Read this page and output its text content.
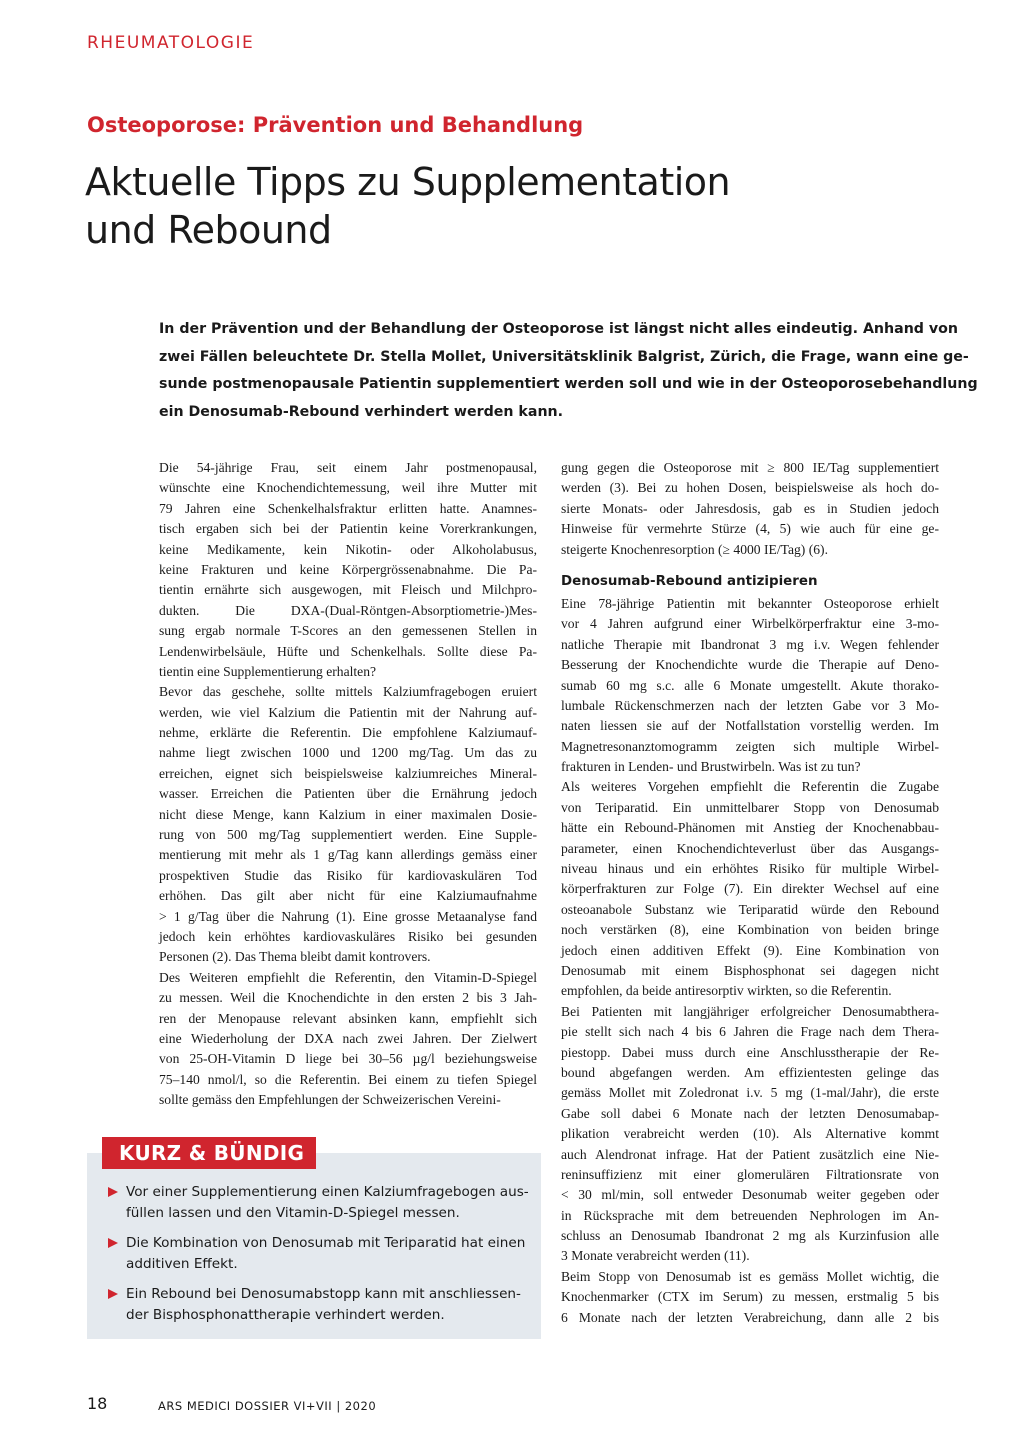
RHEUMATOLOGIE
Osteoporose: Prävention und Behandlung
Aktuelle Tipps zu Supplementation
und Rebound
In der Prävention und der Behandlung der Osteoporose ist längst nicht alles eindeutig. Anhand von
zwei Fällen beleuchtete Dr. Stella Mollet, Universitätsklinik Balgrist, Zürich, die Frage, wann eine ge-
sunde postmenopausale Patientin supplementiert werden soll und wie in der Osteoporosebehandlung
ein Denosumab-Rebound verhindert werden kann.
Die 54-jährige Frau, seit einem Jahr postmenopausal,
wünschte eine Knochendichtemessung, weil ihre Mutter mit
79 Jahren eine Schenkelhalsfraktur erlitten hatte. Anamnes-
tisch ergaben sich bei der Patientin keine Vorerkrankungen,
keine Medikamente, kein Nikotin- oder Alkoholabusus,
keine Frakturen und keine Körpergrössenabnahme. Die Pa-
tientin ernährte sich ausgewogen, mit Fleisch und Milchpro-
dukten. Die DXA-(Dual-Röntgen-Absorptiometrie-)Mes-
sung ergab normale T-Scores an den gemessenen Stellen in
Lendenwirbelsäule, Hüfte und Schenkelhals. Sollte diese Pa-
tientin eine Supplementierung erhalten?
Bevor das geschehe, sollte mittels Kalziumfragebogen eruiert
werden, wie viel Kalzium die Patientin mit der Nahrung auf-
nehme, erklärte die Referentin. Die empfohlene Kalziumauf-
nahme liegt zwischen 1000 und 1200 mg/Tag. Um das zu
erreichen, eignet sich beispielsweise kalziumreiches Mineral-
wasser. Erreichen die Patienten über die Ernährung jedoch
nicht diese Menge, kann Kalzium in einer maximalen Dosie-
rung von 500 mg/Tag supplementiert werden. Eine Supple-
mentierung mit mehr als 1 g/Tag kann allerdings gemäss einer
prospektiven Studie das Risiko für kardiovaskulären Tod
erhöhen. Das gilt aber nicht für eine Kalziumaufnahme
> 1 g/Tag über die Nahrung (1). Eine grosse Metaanalyse fand
jedoch kein erhöhtes kardiovaskuläres Risiko bei gesunden
Personen (2). Das Thema bleibt damit kontrovers.
Des Weiteren empfiehlt die Referentin, den Vitamin-D-Spiegel
zu messen. Weil die Knochendichte in den ersten 2 bis 3 Jah-
ren der Menopause relevant absinken kann, empfiehlt sich
eine Wiederholung der DXA nach zwei Jahren. Der Zielwert
von 25-OH-Vitamin D liege bei 30–56 µg/l beziehungsweise
75–140 nmol/l, so die Referentin. Bei einem zu tiefen Spiegel
sollte gemäss den Empfehlungen der Schweizerischen Vereini-
gung gegen die Osteoporose mit ≥ 800 IE/Tag supplementiert
werden (3). Bei zu hohen Dosen, beispielsweise als hoch do-
sierte Monats- oder Jahresdosis, gab es in Studien jedoch
Hinweise für vermehrte Stürze (4, 5) wie auch für eine ge-
steigerte Knochenresorption (≥ 4000 IE/Tag) (6).
Denosumab-Rebound antizipieren
Eine 78-jährige Patientin mit bekannter Osteoporose erhielt
vor 4 Jahren aufgrund einer Wirbelkörperfraktur eine 3-mo-
natliche Therapie mit Ibandronat 3 mg i.v. Wegen fehlender
Besserung der Knochendichte wurde die Therapie auf Deno-
sumab 60 mg s.c. alle 6 Monate umgestellt. Akute thorako-
lumbale Rückenschmerzen nach der letzten Gabe vor 3 Mo-
naten liessen sie auf der Notfallstation vorstellig werden. Im
Magnetresonanztomogramm zeigten sich multiple Wirbel-
frakturen in Lenden- und Brustwirbeln. Was ist zu tun?
Als weiteres Vorgehen empfiehlt die Referentin die Zugabe
von Teriparatid. Ein unmittelbarer Stopp von Denosumab
hätte ein Rebound-Phänomen mit Anstieg der Knochenabbau-
parameter, einen Knochendichteverlust über das Ausgangs-
niveau hinaus und ein erhöhtes Risiko für multiple Wirbel-
körperfrakturen zur Folge (7). Ein direkter Wechsel auf eine
osteoanabole Substanz wie Teriparatid würde den Rebound
noch verstärken (8), eine Kombination von beiden bringe
jedoch einen additiven Effekt (9). Eine Kombination von
Denosumab mit einem Bisphosphonat sei dagegen nicht
empfohlen, da beide antiresorptiv wirkten, so die Referentin.
Bei Patienten mit langjähriger erfolgreicher Denosumabthera-
pie stellt sich nach 4 bis 6 Jahren die Frage nach dem Thera-
piestopp. Dabei muss durch eine Anschlusstherapie der Re-
bound abgefangen werden. Am effizientesten gelinge das
gemäss Mollet mit Zoledronat i.v. 5 mg (1-mal/Jahr), die erste
Gabe soll dabei 6 Monate nach der letzten Denosumabap-
plikation verabreicht werden (10). Als Alternative kommt
auch Alendronat infrage. Hat der Patient zusätzlich eine Nie-
reninsuffizienz mit einer glomerulären Filtrationsrate von
< 30 ml/min, soll entweder Desonumab weiter gegeben oder
in Rücksprache mit dem betreuenden Nephrologen im An-
schluss an Denosumab Ibandronat 2 mg als Kurzinfusion alle
3 Monate verabreicht werden (11).
Beim Stopp von Denosumab ist es gemäss Mollet wichtig, die
Knochenmarker (CTX im Serum) zu messen, erstmalig 5 bis
6 Monate nach der letzten Verabreichung, dann alle 2 bis
KURZ & BÜNDIG
Vor einer Supplementierung einen Kalziumfragebogen aus-
füllen lassen und den Vitamin-D-Spiegel messen.
Die Kombination von Denosumab mit Teriparatid hat einen
additiven Effekt.
Ein Rebound bei Denosumabstopp kann mit anschliessen-
der Bisphosphonattherapie verhindert werden.
18	ARS MEDICI DOSSIER VI+VII | 2020
